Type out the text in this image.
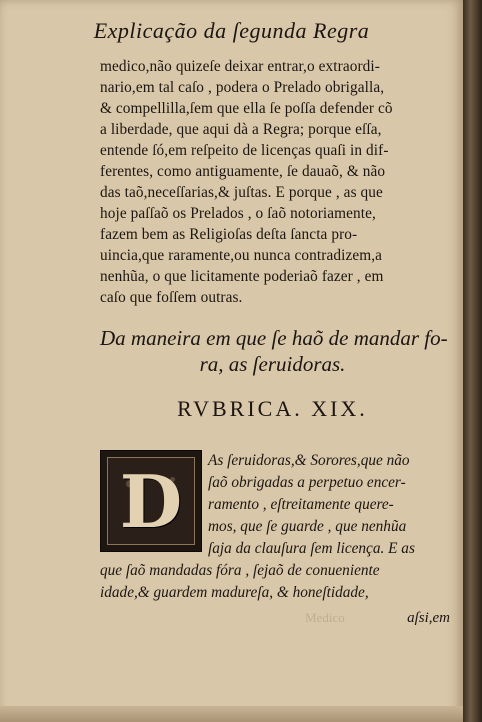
Explicação da ſegunda Regra
medico,não quizeſe deixar entrar,o extraordi-
nario,em tal caſo , podera o Prelado obrigalla,
& compellilla,ſem que ella ſe poſſa defender cõ
a liberdade, que aqui dà a Regra; porque eſſa,
entende ſó,em reſpeito de licenças quaſi in dif-
ferentes, como antiguamente, ſe dauaõ, & não
das taõ,neceſſarias,& juſtas. E porque , as que
hoje paſſaõ os Prelados , o ſaõ notoriamente,
fazem bem as Religioſas deſta ſancta pro-
uincia,que raramente,ou nunca contradizem,a
nenhũa, o que licitamente poderiaõ fazer , em
caſo que foſſem outras.
Da maneira em que ſe haõ de mandar fo-
ra, as ſeruidoras.
RVBRICA. XIX.
As ſeruidoras,& Sorores,que não
ſaõ obrigadas a perpetuo encer-
ramento , eſtreitamente quere-
mos, que ſe guarde , que nenhũa
ſaja da clauſura ſem licença. E as
que ſaõ mandadas fóra , ſejaõ de conueniente
idade,& guardem madureſa, & honeſtidade,
D
Medico	aſsi,em
